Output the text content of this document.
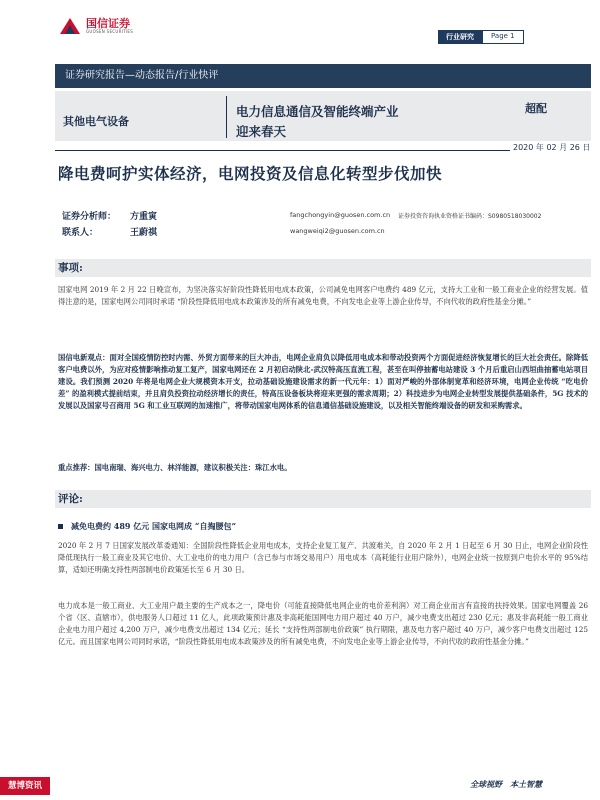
国信证券
GUOSEN SECURITIES
行业研究	Page 1
证券研究报告—动态报告/行业快评
其他电气设备
电力信息通信及智能终端产业
迎来春天
超配
2020 年 02 月 26 日
降电费呵护实体经济，电网投资及信息化转型步伐加快
证券分析师： 方重寅	fangchongyin@guosen.com.cn 证券投资咨询执业资格证书编码：S0980518030002
联系人：	王蔚祺	wangweiqi2@guosen.com.cn
事项:
国家电网 2019 年 2 月 22 日晚宣布，为坚决落实好阶段性降低用电成本政策，公司减免电网客户电费约 489 亿元，支持大工业和一般工商业企业的经营发展。值得注意的是，国家电网公司同时承诺 “阶段性降低用电成本政策涉及的所有减免电费，不向发电企业等上游企业传导，不向代收的政府性基金分摊。”
国信电新观点：面对全国疫情防控时内需、外贸方面带来的巨大冲击，电网企业肩负以降低用电成本和带动投资两个方面促进经济恢复增长的巨大社会责任。除降低客户电费以外，为应对疫情影响推动复工复产，国家电网还在 2 月初启动陕北-武汉特高压直流工程，甚至在叫停抽蓄电站建设 3 个月后重启山西垣曲抽蓄电站项目建设。我们预测 2020 年将是电网企业大规模资本开支，拉动基础设施建设需求的新一代元年：1）面对严峻的外部体制宽革和经济环境，电网企业传统 “吃电价差” 的盈利模式提前结束，并且肩负投资拉动经济增长的责任，特高压设备板块将迎来更强的需求周期；2）科技进步为电网企业转型发展提供基础条件，5G 技术的发展以及国家号召商用 5G 和工业互联网的加速推广，将带动国家电网体系的信息通信基础设施建设，以及相关智能终端设备的研发和采购需求。
重点推荐：国电南瑞、海兴电力、林洋能源，建议积极关注：珠江水电。
评论:
减免电费约 489 亿元 国家电网成 “自掏腰包”
2020 年 2 月 7 日国家发展改革委通知：全国阶段性降低企业用电成本，支持企业复工复产、共渡难关，自 2020 年 2 月 1 日起至 6 月 30 日止，电网企业阶段性降低现执行一般工商业及其它电价、大工业电价的电力用户（含已参与市场交易用户）用电成本（高耗能行业用户除外），电网企业统一按原到户电价水平的 95%结算，适如还明确支持性两部制电价政策延长至 6 月 30 日。
电力成本是一般工商业、大工业用户最主要的生产成本之一，降电价（可能直接降低电网企业的电价差利润）对工商企业而言有直接的扶持效果。国家电网覆盖 26 个省（区、直辖市），供电服务人口超过 11 亿人，此项政策预计惠及非高耗能国网电力用户超过 40 万户，减少电费支出超过 230 亿元；惠及非高耗能一般工商业企业电力用户超过 4,200 万户，减少电费支出超过 134 亿元；延长 “支持性两部制电价政策” 执行期限，惠及电力客户超过 40 万户，减少客户电费支出超过 125 亿元。而且国家电网公司同时承诺，“阶段性降低用电成本政策涉及的所有减免电费，不向发电企业等上游企业传导，不向代收的政府性基金分摊。”
慧博资讯	全球视野　本土智慧
